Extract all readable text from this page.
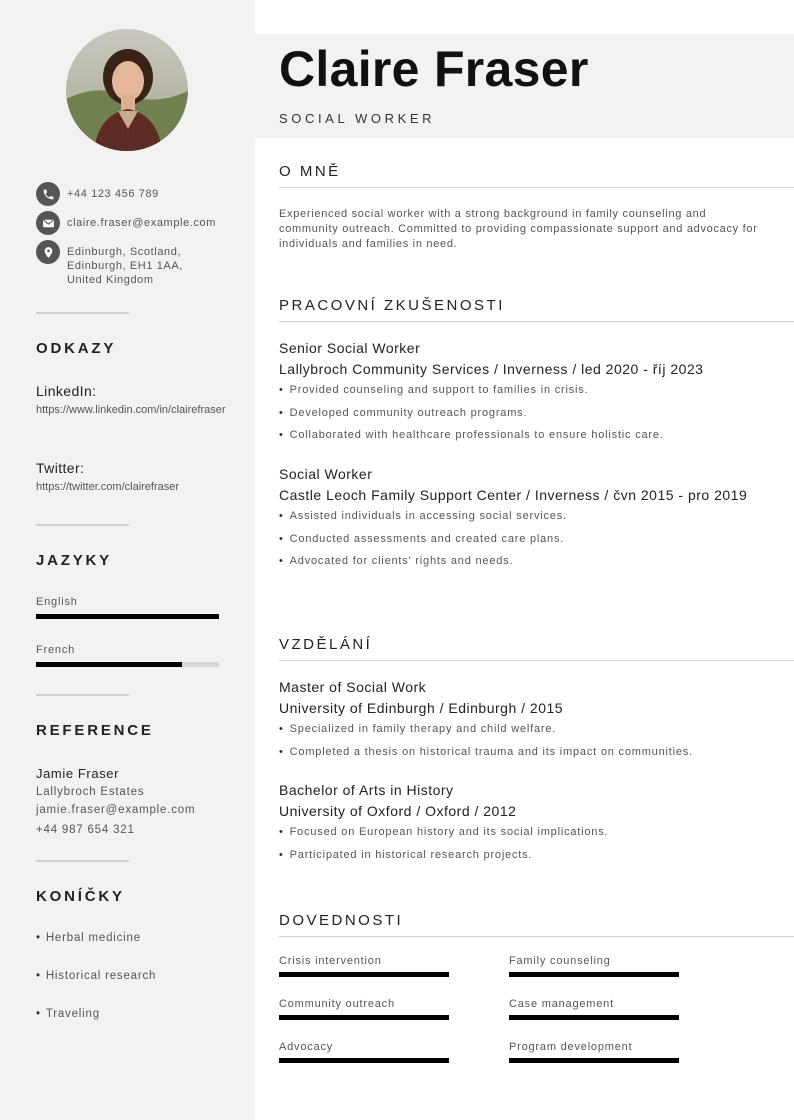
+44 123 456 789
claire.fraser@example.com
Edinburgh, Scotland,
Edinburgh, EH1 1AA,
United Kingdom
ODKAZY
LinkedIn:
https://www.linkedin.com/in/clairefraser
Twitter:
https://twitter.com/clairefraser
JAZYKY
English
French
REFERENCE
Jamie Fraser
Lallybroch Estates
jamie.fraser@example.com
+44 987 654 321
KONÍČKY
• Herbal medicine
• Historical research
• Traveling
Claire Fraser
SOCIAL WORKER
O MNĚ
Experienced social worker with a strong background in family counseling and community outreach. Committed to providing compassionate support and advocacy for individuals and families in need.
PRACOVNÍ ZKUŠENOSTI
Senior Social Worker
Lallybroch Community Services / Inverness / led 2020 - říj 2023
• Provided counseling and support to families in crisis.
• Developed community outreach programs.
• Collaborated with healthcare professionals to ensure holistic care.
Social Worker
Castle Leoch Family Support Center / Inverness / čvn 2015 - pro 2019
• Assisted individuals in accessing social services.
• Conducted assessments and created care plans.
• Advocated for clients' rights and needs.
VZDĚLÁNÍ
Master of Social Work
University of Edinburgh / Edinburgh / 2015
• Specialized in family therapy and child welfare.
• Completed a thesis on historical trauma and its impact on communities.
Bachelor of Arts in History
University of Oxford / Oxford / 2012
• Focused on European history and its social implications.
• Participated in historical research projects.
DOVEDNOSTI
Crisis intervention	Family counseling
Community outreach	Case management
Advocacy	Program development
